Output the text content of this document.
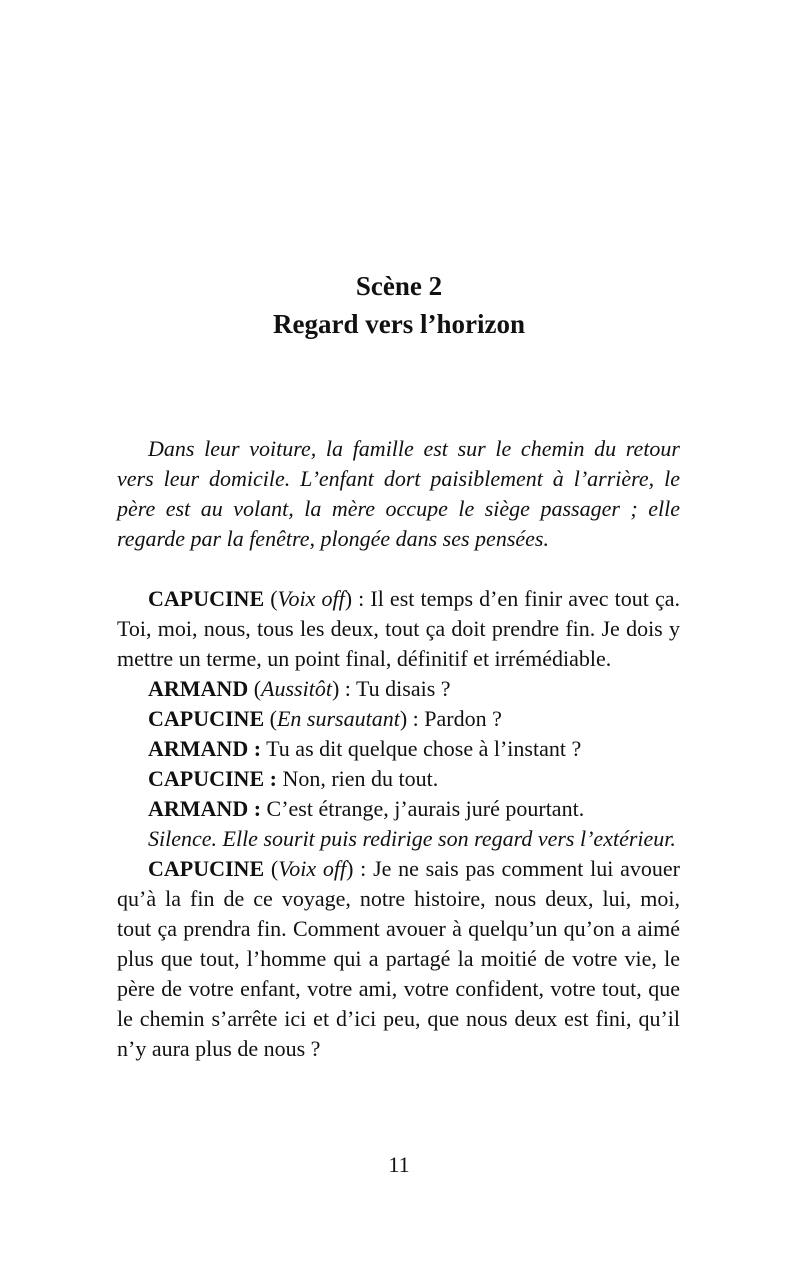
Scène 2
Regard vers l’horizon

Dans leur voiture, la famille est sur le chemin du retour vers leur domicile. L’enfant dort paisiblement à l’arrière, le père est au volant, la mère occupe le siège passager ; elle regarde par la fenêtre, plongée dans ses pensées.

CAPUCINE (Voix off) : Il est temps d’en finir avec tout ça. Toi, moi, nous, tous les deux, tout ça doit prendre fin. Je dois y mettre un terme, un point final, définitif et irrémédiable.

ARMAND (Aussitôt) : Tu disais ?

CAPUCINE (En sursautant) : Pardon ?

ARMAND : Tu as dit quelque chose à l’instant ?

CAPUCINE : Non, rien du tout.

ARMAND : C’est étrange, j’aurais juré pourtant.

Silence. Elle sourit puis redirige son regard vers l’extérieur.

CAPUCINE (Voix off) : Je ne sais pas comment lui avouer qu’à la fin de ce voyage, notre histoire, nous deux, lui, moi, tout ça prendra fin. Comment avouer à quelqu’un qu’on a aimé plus que tout, l’homme qui a partagé la moitié de votre vie, le père de votre enfant, votre ami, votre confident, votre tout, que le chemin s’arrête ici et d’ici peu, que nous deux est fini, qu’il n’y aura plus de nous ?

11
